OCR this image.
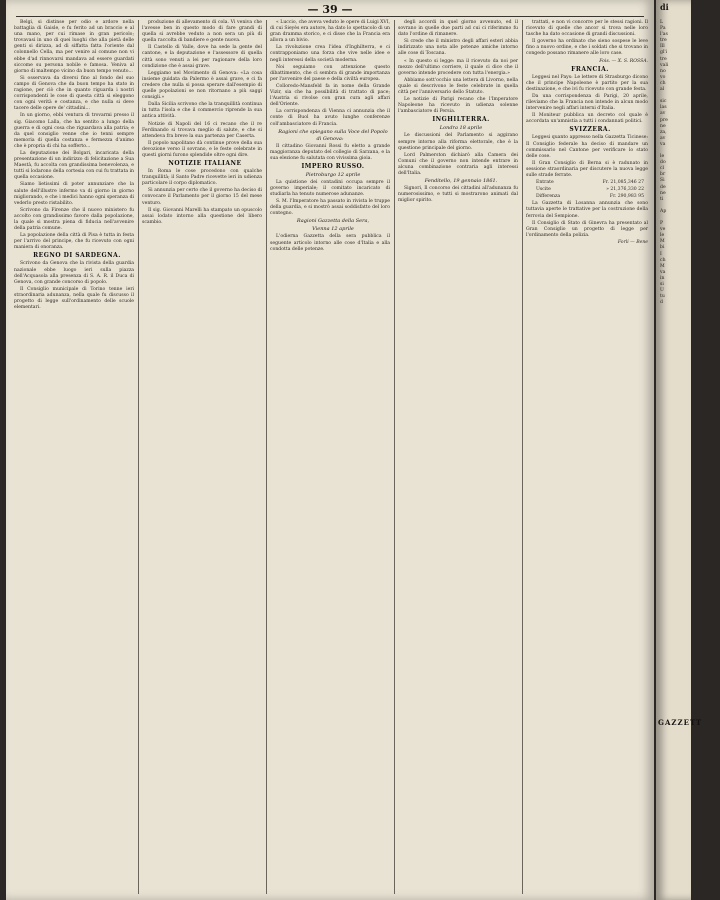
— 39 —

Belgi, si distinse per odio e ardore nella battaglia di Gaisle, e fu ferito ad un braccio e al una mano, per cui rimase in gran pericolo; trovavasi in uno di quei luoghi che alla pietà delle genti si dirizza, ad di siffatta fatta l'oriente dal colonnello Cella, ma per venire al comune non vi ebbe d'ad rinnovarsi mandava ad essere guardati siccome su persona nobile e famosa. Veniva al giorno di maltempo vicino da buon tempo venuto...

Si osservava da diversi fino al fondo del suo campo di Genova che da buon tempo ha stato in ragione, per ciò che in quanto riguarda i nostri corrispondenti le cose di questa città si eleggono con ogni verità e costanza, e che nulla si deve tacere delle opere de' cittadini...

In un giorno, ebbi ventura di trovarmi presso il sig. Giacomo Lalla, che ha sentito a lungo della guerra e di ogni cosa che riguardava alla patria; e da quel consiglio venne che io tenni sempre memoria di quella costanza e fermezza d'animo che è propria di chi ha sofferto...

La deputazione dei Bolgari, incaricata della presentazione di un indirizzo di felicitazione a Sua Maestà, fu accolta con grandissima benevolenza, e tutti si lodarono della cortesia con cui fu trattata in quella occasione.

Siamo lietissimi di poter annunziare che la salute dell'illustre infermo va di giorno in giorno migliorando, e che i medici hanno ogni speranza di vederlo presto ristabilito.

Scrivono da Firenze che il nuovo ministero fu accolto con grandissimo favore dalla popolazione, la quale si mostra piena di fiducia nell'avvenire della patria comune.

La popolazione della città di Pisa è tutta in festa per l'arrivo del principe, che fu ricevuto con ogni maniera di onoranza.

REGNO DI SARDEGNA.

Scrivono da Genova che la rivista della guardia nazionale ebbe luogo ieri sulla piazza dell'Acquasola alla presenza di S. A. R. il Duca di Genova, con grande concorso di popolo.

Il Consiglio municipale di Torino tenne ieri straordinaria adunanza, nella quale fu discusso il progetto di legge sull'ordinamento delle scuole elementari.

produzione di allevamento di cola. Vi veniva che l'avesse ben in questo modo di fare grandi di quella si avrebbe veduto a non sera un più di quella raccolta di bandiere e gente nuova.

Il Castello di Valle, dove ha sede la gente del cantone, e la deputazione e l'assessore di quella città sono venuti a lei per ragionare della loro condizione che è assai grave.

Leggiamo nel Movimento di Genova: «La cosa insieme guidata da Palermo è assai grave, e ci fa credere che nulla si possa sperare dall'esempio di quelle popolazioni se non ritornano a più saggi consigli.»

Dalla Sicilia scrivono che la tranquillità continua in tutta l'isola e che il commercio riprende la sua antica attività.

Notizie di Napoli del 16 ci recano che il re Ferdinando si trovava meglio di salute, e che si attendeva fra breve la sua partenza per Caserta.

Il popolo napolitano dà continue prove della sua devozione verso il sovrano, e le feste celebrate in questi giorni furono splendide oltre ogni dire.

NOTIZIE ITALIANE

In Roma le cose procedono con qualche tranquillità; il Santo Padre ricevette ieri in udienza particolare il corpo diplomatico.

Si annunzia per certo che il governo ha deciso di convocare il Parlamento per il giorno 15 del mese venturo.

Il sig. Giovanni Marelli ha stampato un opuscolo assai lodato intorno alla questione del libero scambio.

« Luccio, che aveva veduto le opere di Luigi XVI, di cui Sieyès era autore, ha dato lo spettacolo di un gran dramma storico, e ci disse che la Francia era allora a un bivio.

La rivoluzione crea l'idea d'Inghilterra, e ci contrapponiamo una forza che vive nelle idee e negli interessi della società moderna.

Noi seguiamo con attenzione questo dibattimento, che ci sembra di grande importanza per l'avvenire del paese e della civiltà europea.

Colloredo-Mansfeld fa in nome della Grande Vizir, sia che ha possibilità di trattato di pace; l'Austria si rivolse con gran cura agli affari dell'Oriente.

La corrispondenza di Vienna ci annunzia che il conte di Buol ha avuto lunghe conferenze coll'ambasciatore di Francia.

Ragioni che spiegano sulla Voce del Popolo di Genova:

Il cittadino Giovanni Rossi fu eletto a grande maggioranza deputato del collegio di Sarzana, e la sua elezione fu salutata con vivissima gioia.

IMPERO RUSSO.

Pietroburgo 12 aprile

La quistione dei contadini occupa sempre il governo imperiale; il comitato incaricato di studiarla ha tenuto numerose adunanze.

S. M. l'Imperatore ha passato in rivista le truppe della guardia, e si mostrò assai soddisfatto del loro contegno.

Ragioni Gazzetta della Sera,

Vienna 12 aprile

L'odierna Gazzetta della sera pubblica il seguente articolo intorno alle cose d'Italia e alla condotta delle potenze.

degli accordi in quel giorno avvenuto, ed il sovrano in quelle due parti ad cui ci riferimmo fu dato l'ordine di rimanere.

Si crede che il ministro degli affari esteri abbia indirizzato una nota alle potenze amiche intorno alle cose di Toscana.

« In questo si legge: ma il ricevuto da noi per mezzo dell'ultimo corriere, il quale ci dice che il governo intende procedere con tutta l'energia.»

Abbiamo sott'occhio una lettera di Livorno, nella quale si descrivono le feste celebrate in quella città per l'anniversario dello Statuto.

Le notizie di Parigi recano che l'Imperatore Napoleone ha ricevuto in udienza solenne l'ambasciatore di Persia.

INGHILTERRA.

Londra 18 aprile

Le discussioni del Parlamento si aggirano sempre intorno alla riforma elettorale, che è la questione principale del giorno.

Lord Palmerston dichiarò alla Camera dei Comuni che il governo non intende entrare in alcuna combinazione contraria agli interessi dell'Italia.

Fenditello, 19 gennaio 1861.

Signori, Il concorso dei cittadini all'adunanza fu numerosissimo, e tutti si mostrarono animati dal miglior spirito.

trattati, e non vi concorre per le stessi ragioni. Il ricevuto di quelle che ancor si trova nelle loro tasche ha dato occasione di grandi discussioni.

Il governo ha ordinato che sieno sospese le leve fino a nuovo ordine, e che i soldati che si trovano in congedo possano rimanere alle loro case.

Fois. — X. S. ROSSA.

FRANCIA.

Leggesi nel Pays: Le lettere di Strasburgo dicono che il principe Napoleone è partito per la sua destinazione, e che ivi fu ricevuto con grande festa.

Da una corrispondenza di Parigi, 20 aprile, rileviamo che la Francia non intende in alcun modo intervenire negli affari interni d'Italia.

Il Moniteur pubblica un decreto col quale è accordata un'amnistia a tutti i condannati politici.

SVIZZERA.

Leggesi quanto appresso nella Gazzetta Ticinese: Il Consiglio federale ha deciso di mandare un commissario nel Cantone per verificare lo stato delle cose.

Il Gran Consiglio di Berna si è radunato in sessione straordinaria per discutere la nuova legge sulle strade ferrate.

Entrate	Fr. 21,085,346 27

Uscite	» 21,376,330 22

Differenza	Fr. 290,983 95

La Gazzetta di Losanna annunzia che sono tuttavia aperte le trattative per la costruzione della ferrovia del Sempione.

Il Consiglio di Stato di Ginevra ha presentato al Gran Consiglio un progetto di legge per l'ordinamento della polizia.

Forli — Bene

di
L
Pa
l'as
tre
Ill
gl'i
tre
vali
no
vo
ch
al

sic
las
av
pre
ne
za,
av
va

le
do
cl
br
Si
de
ne
ti

Ap

P
ve
le
M
bi
I
ch
M
va
in
si
U
tu
d
GAZZETT
